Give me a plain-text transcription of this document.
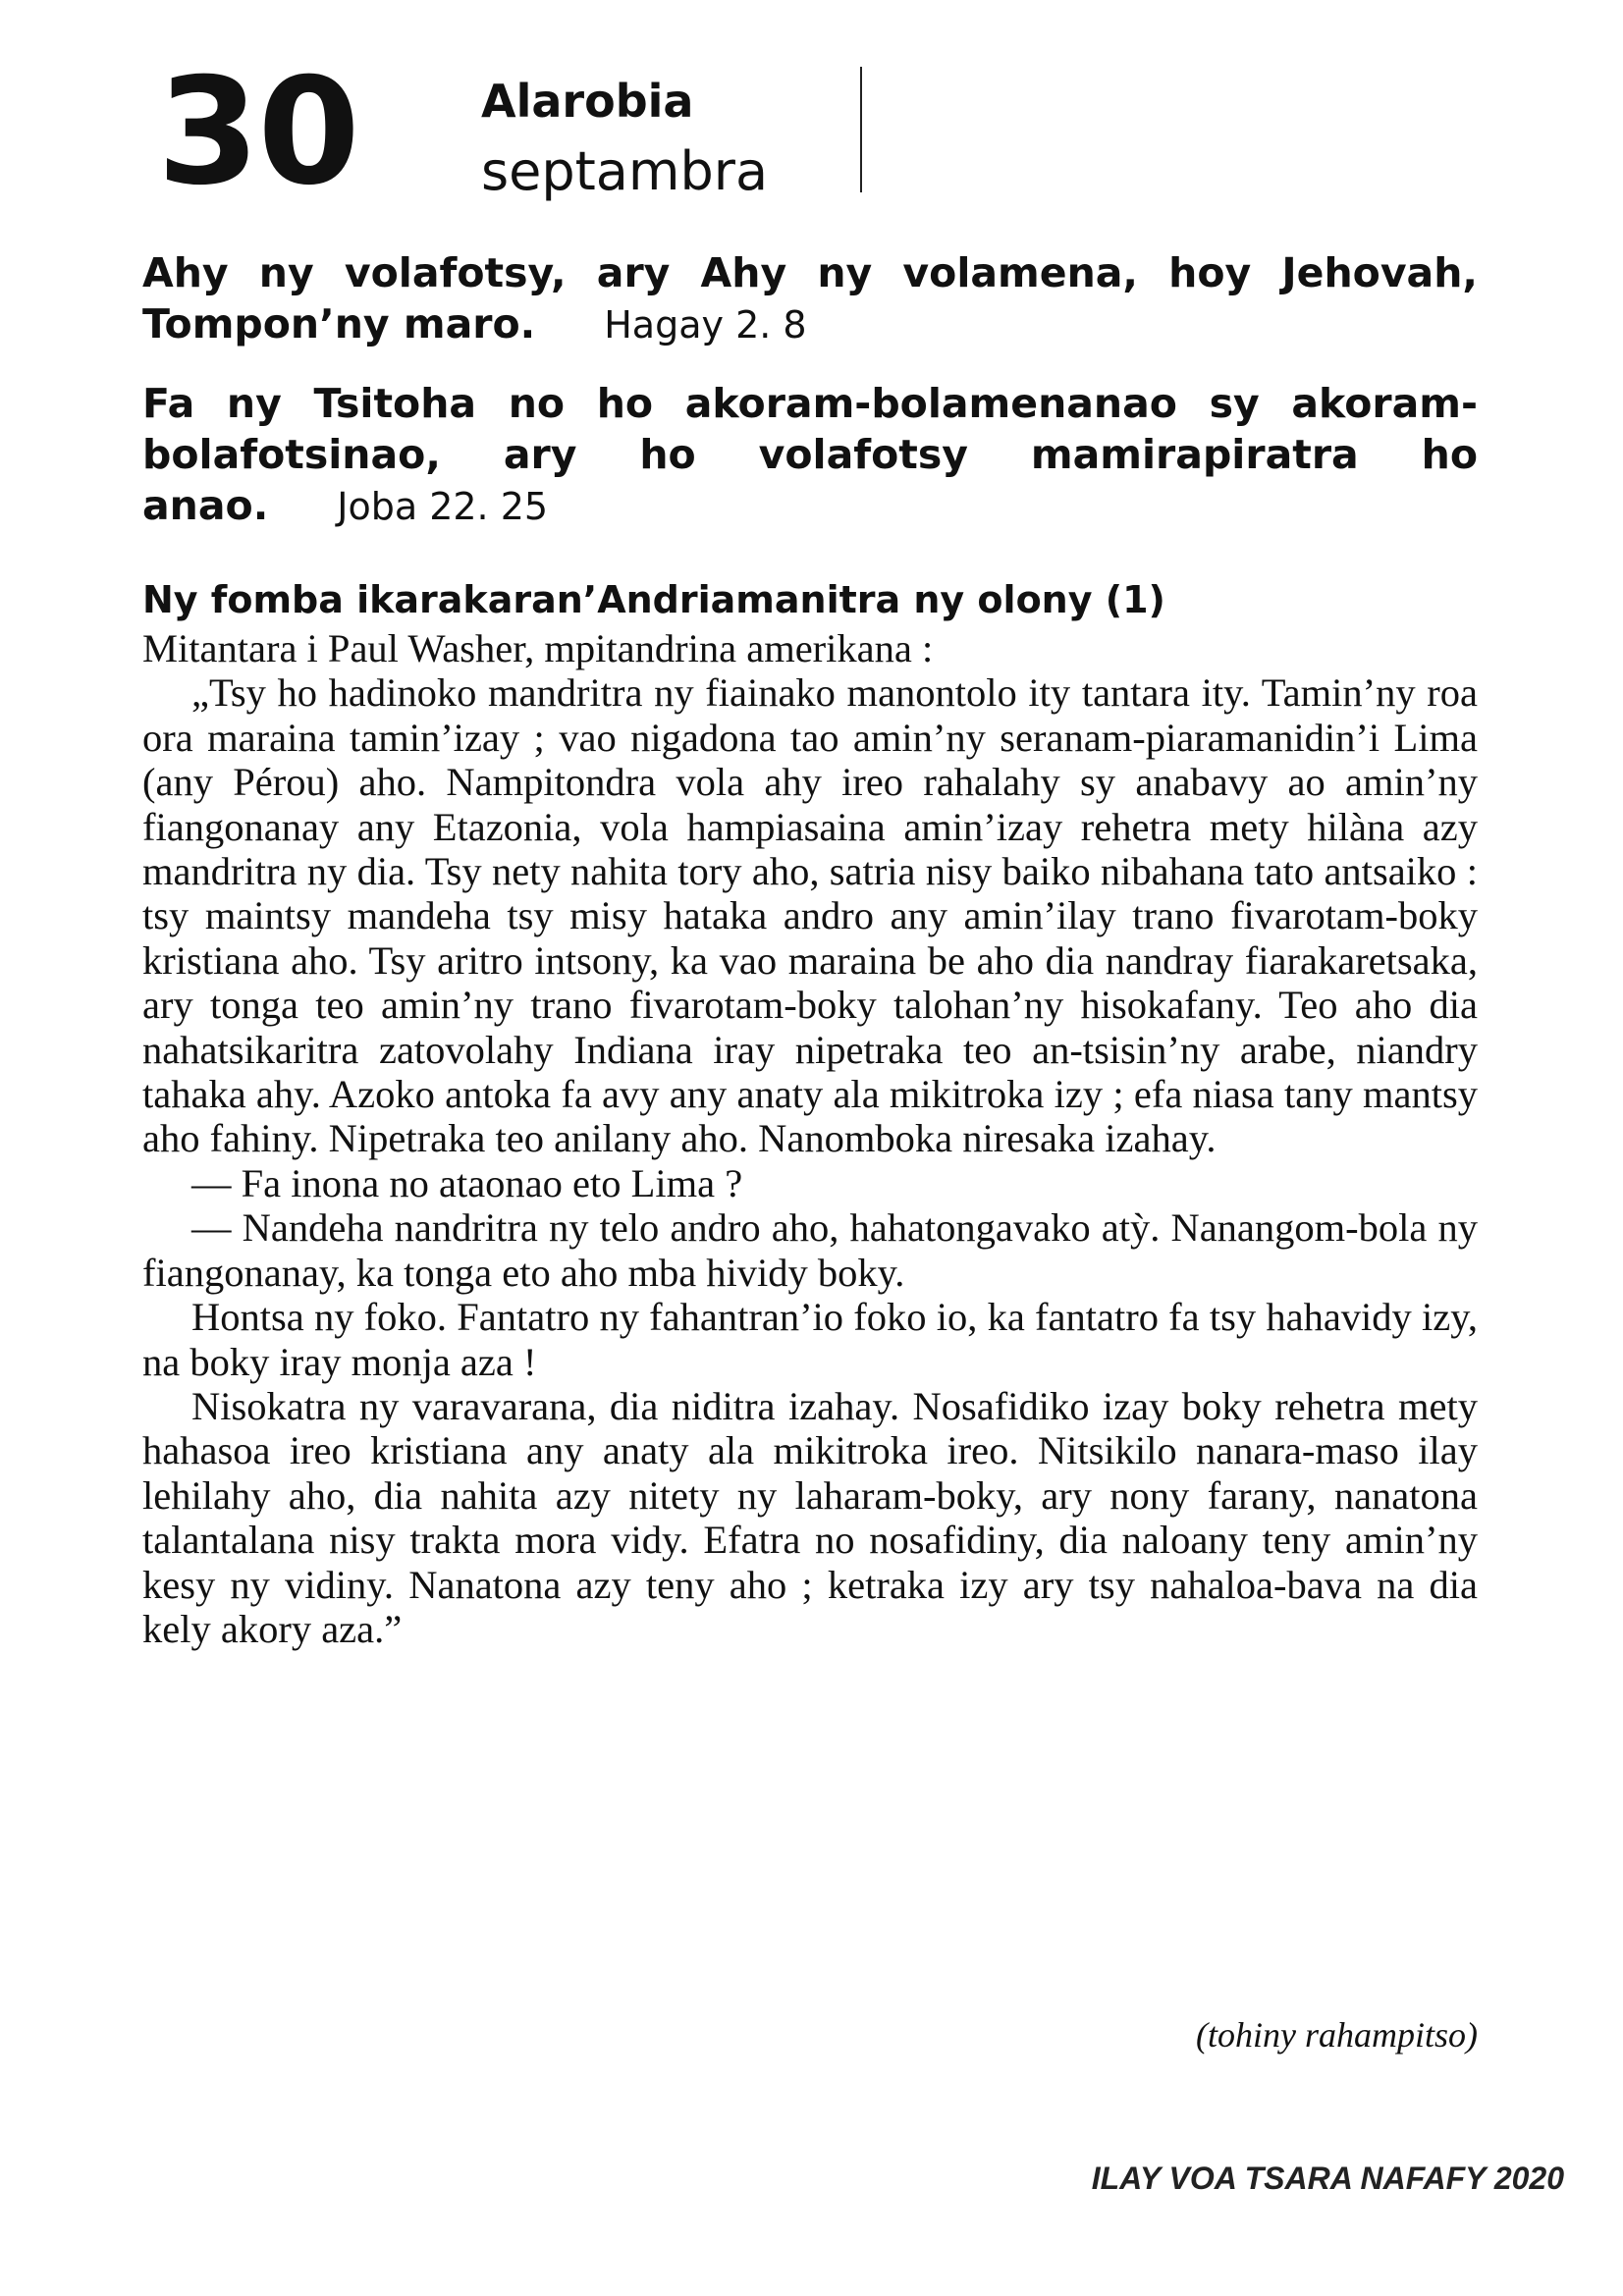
30	Alarobia
septambra

Ahy ny volafotsy, ary Ahy ny volamena, hoy Jehovah, Tompon’ny maro. Hagay 2. 8

Fa ny Tsitoha no ho akoram-bolamenanao sy akoram-bolafotsinao, ary ho volafotsy mamirapiratra ho anao. Joba 22. 25

Ny fomba ikarakaran’Andriamanitra ny olony (1)

Mitantara i Paul Washer, mpitandrina amerikana :

„Tsy ho hadinoko mandritra ny fiainako manontolo ity tantara ity. Tamin’ny roa ora maraina tamin’izay ; vao nigadona tao amin’ny seranam-piaramanidin’i Lima (any Pérou) aho. Nampitondra vola ahy ireo rahalahy sy anabavy ao amin’ny fiangonanay any Etazonia, vola hampiasaina amin’izay rehetra mety hilàna azy mandritra ny dia. Tsy nety nahita tory aho, satria nisy baiko nibahana tato antsaiko : tsy maintsy mandeha tsy misy hataka andro any amin’ilay trano fivarotam-boky kristiana aho. Tsy aritro intsony, ka vao maraina be aho dia nandray fiarakaretsaka, ary tonga teo amin’ny trano fivarotam-boky talohan’ny hisokafany. Teo aho dia nahatsikaritra zatovolahy Indiana iray nipetraka teo an-tsisin’ny arabe, niandry tahaka ahy. Azoko antoka fa avy any anaty ala mikitroka izy ; efa niasa tany mantsy aho fahiny. Nipetraka teo anilany aho. Nanomboka niresaka izahay.

— Fa inona no ataonao eto Lima ?

— Nandeha nandritra ny telo andro aho, hahatongavako atỳ. Nanangom-bola ny fiangonanay, ka tonga eto aho mba hividy boky.

Hontsa ny foko. Fantatro ny fahantran’io foko io, ka fantatro fa tsy hahavidy izy, na boky iray monja aza !

Nisokatra ny varavarana, dia niditra izahay. Nosafidiko izay boky rehetra mety hahasoa ireo kristiana any anaty ala mikitroka ireo. Nitsikilo nanara-maso ilay lehilahy aho, dia nahita azy nitety ny laharam-boky, ary nony farany, nanatona talantalana nisy trakta mora vidy. Efatra no nosafidiny, dia naloany teny amin’ny kesy ny vidiny. Nanatona azy teny aho ; ketraka izy ary tsy nahaloa-bava na dia kely akory aza.”

(tohiny rahampitso)

ILAY VOA TSARA NAFAFY 2020
